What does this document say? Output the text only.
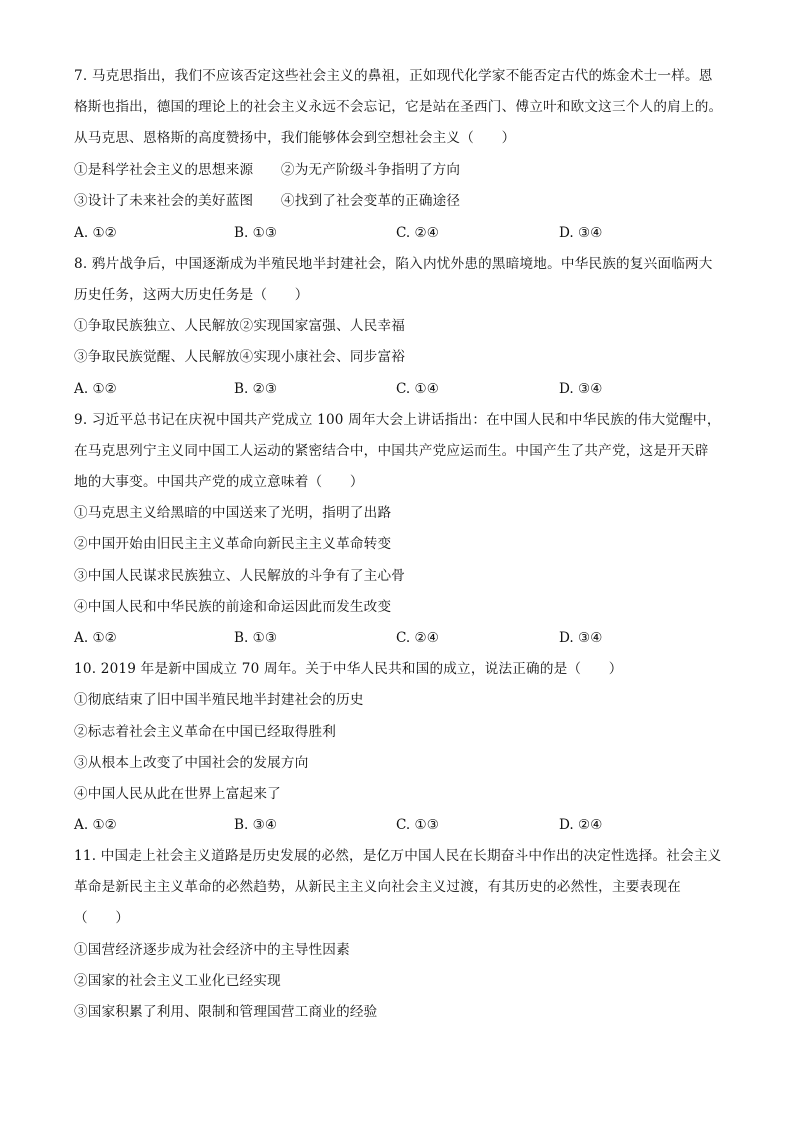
7. 马克思指出，我们不应该否定这些社会主义的鼻祖，正如现代化学家不能否定古代的炼金术士一样。恩
格斯也指出，德国的理论上的社会主义永远不会忘记，它是站在圣西门、傅立叶和欧文这三个人的肩上的。
从马克思、恩格斯的高度赞扬中，我们能够体会到空想社会主义（　　）
①是科学社会主义的思想来源　　②为无产阶级斗争指明了方向
③设计了未来社会的美好蓝图　　④找到了社会变革的正确途径
A. ①②	B. ①③	C. ②④	D. ③④
8. 鸦片战争后，中国逐渐成为半殖民地半封建社会，陷入内忧外患的黑暗境地。中华民族的复兴面临两大
历史任务，这两大历史任务是（　　）
①争取民族独立、人民解放②实现国家富强、人民幸福
③争取民族觉醒、人民解放④实现小康社会、同步富裕
A. ①②	B. ②③	C. ①④	D. ③④
9. 习近平总书记在庆祝中国共产党成立 100 周年大会上讲话指出：在中国人民和中华民族的伟大觉醒中，
在马克思列宁主义同中国工人运动的紧密结合中，中国共产党应运而生。中国产生了共产党，这是开天辟
地的大事变。中国共产党的成立意味着（　　）
①马克思主义给黑暗的中国送来了光明，指明了出路
②中国开始由旧民主主义革命向新民主主义革命转变
③中国人民谋求民族独立、人民解放的斗争有了主心骨
④中国人民和中华民族的前途和命运因此而发生改变
A. ①②	B. ①③	C. ②④	D. ③④
10. 2019 年是新中国成立 70 周年。关于中华人民共和国的成立，说法正确的是（　　）
①彻底结束了旧中国半殖民地半封建社会的历史
②标志着社会主义革命在中国已经取得胜利
③从根本上改变了中国社会的发展方向
④中国人民从此在世界上富起来了
A. ①②	B. ③④	C. ①③	D. ②④
11. 中国走上社会主义道路是历史发展的必然，是亿万中国人民在长期奋斗中作出的决定性选择。社会主义
革命是新民主主义革命的必然趋势，从新民主主义向社会主义过渡，有其历史的必然性，主要表现在
（　　）
①国营经济逐步成为社会经济中的主导性因素
②国家的社会主义工业化已经实现
③国家积累了利用、限制和管理国营工商业的经验
